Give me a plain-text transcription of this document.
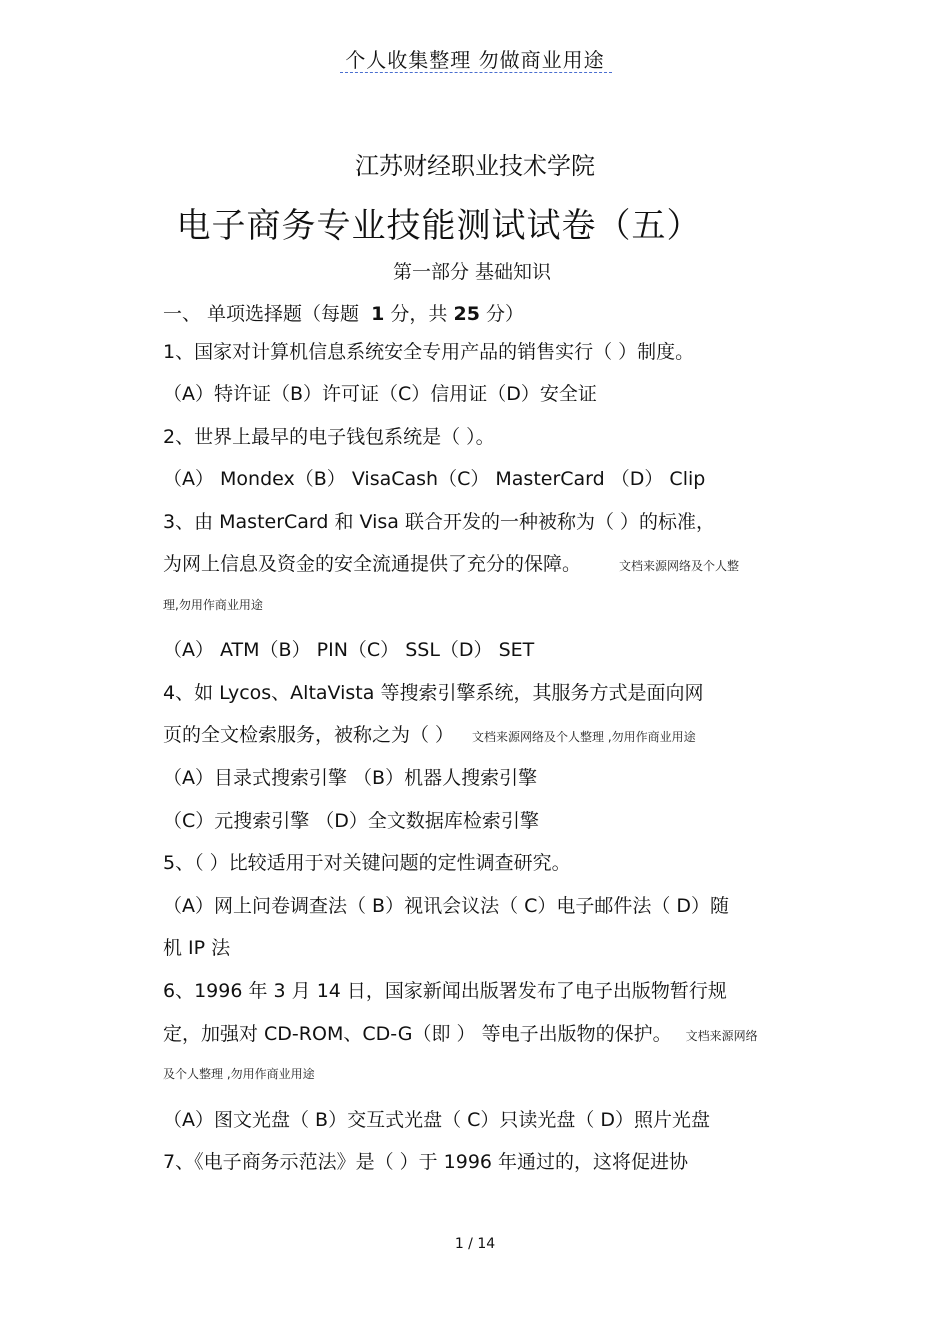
个人收集整理 勿做商业用途
江苏财经职业技术学院
电子商务专业技能测试试卷（五）
第一部分 基础知识
一、 单项选择题（每题 1 分，共 25 分）
1、国家对计算机信息系统安全专用产品的销售实行（ ）制度。
（A）特许证（B）许可证（C）信用证（D）安全证
2、世界上最早的电子钱包系统是（ ）。
（A） Mondex（B） VisaCash（C） MasterCard （D） Clip
3、由 MasterCard 和 Visa 联合开发的一种被称为（ ）的标准，
为网上信息及资金的安全流通提供了充分的保障。	文档来源网络及个人整
理,勿用作商业用途
（A） ATM（B） PIN（C） SSL（D） SET
4、如 Lycos、AltaVista 等搜索引擎系统，其服务方式是面向网
页的全文检索服务，被称之为（ ） 文档来源网络及个人整理 ,勿用作商业用途
（A）目录式搜索引擎 （B）机器人搜索引擎
（C）元搜索引擎 （D）全文数据库检索引擎
5、（ ）比较适用于对关键问题的定性调查研究。
（A）网上问卷调查法（ B）视讯会议法（ C）电子邮件法（ D）随
机 IP 法
6、1996 年 3 月 14 日，国家新闻出版署发布了电子出版物暂行规
定，加强对 CD-ROM、CD-G（即 ） 等电子出版物的保护。 文档来源网络
及个人整理 ,勿用作商业用途
（A）图文光盘（ B）交互式光盘（ C）只读光盘（ D）照片光盘
7、《电子商务示范法》是（ ）于 1996 年通过的，这将促进协
1 / 14
